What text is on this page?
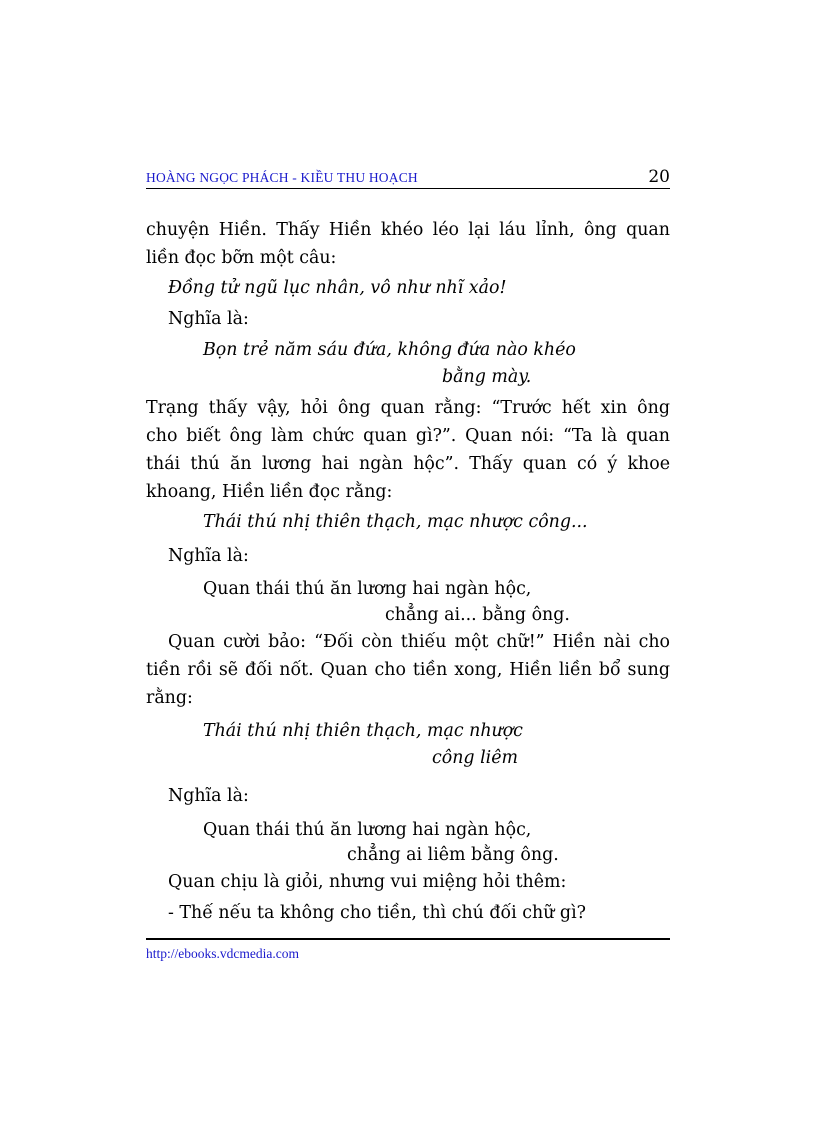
HOÀNG NGỌC PHÁCH - KIỀU THU HOẠCH	20
chuyện Hiền. Thấy Hiền khéo léo lại láu lỉnh, ông quan
liền đọc bỡn một câu:
Đồng tử ngũ lục nhân, vô như nhĩ xảo!
Nghĩa là:
Bọn trẻ năm sáu đứa, không đứa nào khéo
bằng mày.
Trạng thấy vậy, hỏi ông quan rằng: “Trước hết xin ông
cho biết ông làm chức quan gì?”. Quan nói: “Ta là quan
thái thú ăn lương hai ngàn hộc”. Thấy quan có ý khoe
khoang, Hiền liền đọc rằng:
Thái thú nhị thiên thạch, mạc nhược công...
Nghĩa là:
Quan thái thú ăn lương hai ngàn hộc,
chẳng ai... bằng ông.
Quan cười bảo: “Đối còn thiếu một chữ!” Hiền nài cho
tiền rồi sẽ đối nốt. Quan cho tiền xong, Hiền liền bổ sung
rằng:
Thái thú nhị thiên thạch, mạc nhược
công liêm
Nghĩa là:
Quan thái thú ăn lương hai ngàn hộc,
chẳng ai liêm bằng ông.
Quan chịu là giỏi, nhưng vui miệng hỏi thêm:
- Thế nếu ta không cho tiền, thì chú đối chữ gì?
http://ebooks.vdcmedia.com
